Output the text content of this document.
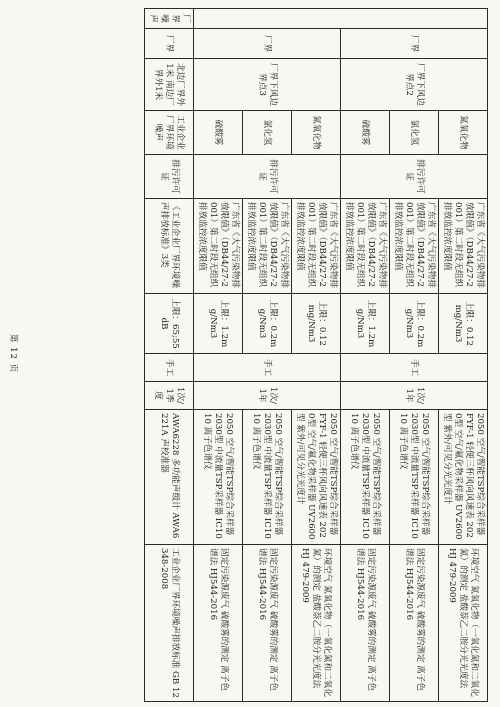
	厂界	厂界下风边界点2	氮氧化物	排污许可证	广东省《大气污染物排放限值》（DB44/27-2001）第二时段无组织排放监控浓度限值	上限：0.12mg/Nm3	手工	1次/1年	2050 空气/智能TSP综合采样器 FYF-1 轻便三杯风向风速表 2020型 空气/氟化物采样器 UV2600型 紫外/可见分光光度计	环境空气 氮氧化物（一氧化氮和二氧化氮）的测定 盐酸萘乙二胺分光光度法 HJ 479-2009
			氯化氢		广东省《大气污染物排放限值》（DB44/27-2001）第二时段无组织排放监控浓度限值	上限：0.2mg/Nm3			2050 空气/智能TSP综合采样器 2030型 中流量TSP采样器 IC1010 离子色谱仪	固定污染源废气 硫酸雾的测定 离子色谱法 HJ544-2016
			硫酸雾		广东省《大气污染物排放限值》（DB44/27-2001）第二时段无组织排放监控浓度限值	上限：1.2mg/Nm3			2050 空气/智能TSP综合采样器 2030型 中流量TSP采样器 IC1010 离子色谱仪	固定污染源废气 硫酸雾的测定 离子色谱法 HJ544-2016
	厂界	厂界下风边界点3	氮氧化物	排污许可证	广东省《大气污染物排放限值》（DB44/27-2001）第二时段无组织排放监控浓度限值	上限：0.12mg/Nm3	手工	1次/1年	2050 空气/智能TSP综合采样器 FYF-1 轻便三杯风向风速表 2020型 空气/氟化物采样器 UV2600型 紫外/可见分光光度计	环境空气 氮氧化物（一氧化氮和二氧化氮）的测定 盐酸萘乙二胺分光光度法 HJ 479-2009
			氯化氢		广东省《大气污染物排放限值》（DB44/27-2001）第二时段无组织排放监控浓度限值	上限：0.2mg/Nm3			2050 空气/智能TSP综合采样器 2030型 中流量TSP采样器 IC1010 离子色谱仪	固定污染源废气 硫酸雾的测定 离子色谱法 HJ544-2016
			硫酸雾		广东省《大气污染物排放限值》（DB44/27-2001）第二时段无组织排放监控浓度限值	上限：1.2mg/Nm3			2050 空气/智能TSP综合采样器 2030型 中流量TSP采样器 IC1010 离子色谱仪	固定污染源废气 硫酸雾的测定 离子色谱法 HJ544-2016
厂界噪声	厂界	北边厂界外1米 南边厂界外1米	工业企业厂界环境噪声	排污许可证	《工业企业厂界环境噪声排放标准》3类	上限：65;55dB	手工	1次/1季度	AWA6228 多功能声级计 AWA6221A 声校准器	工业企业厂界环境噪声排放标准 GB 12348-2008
第 12 页
